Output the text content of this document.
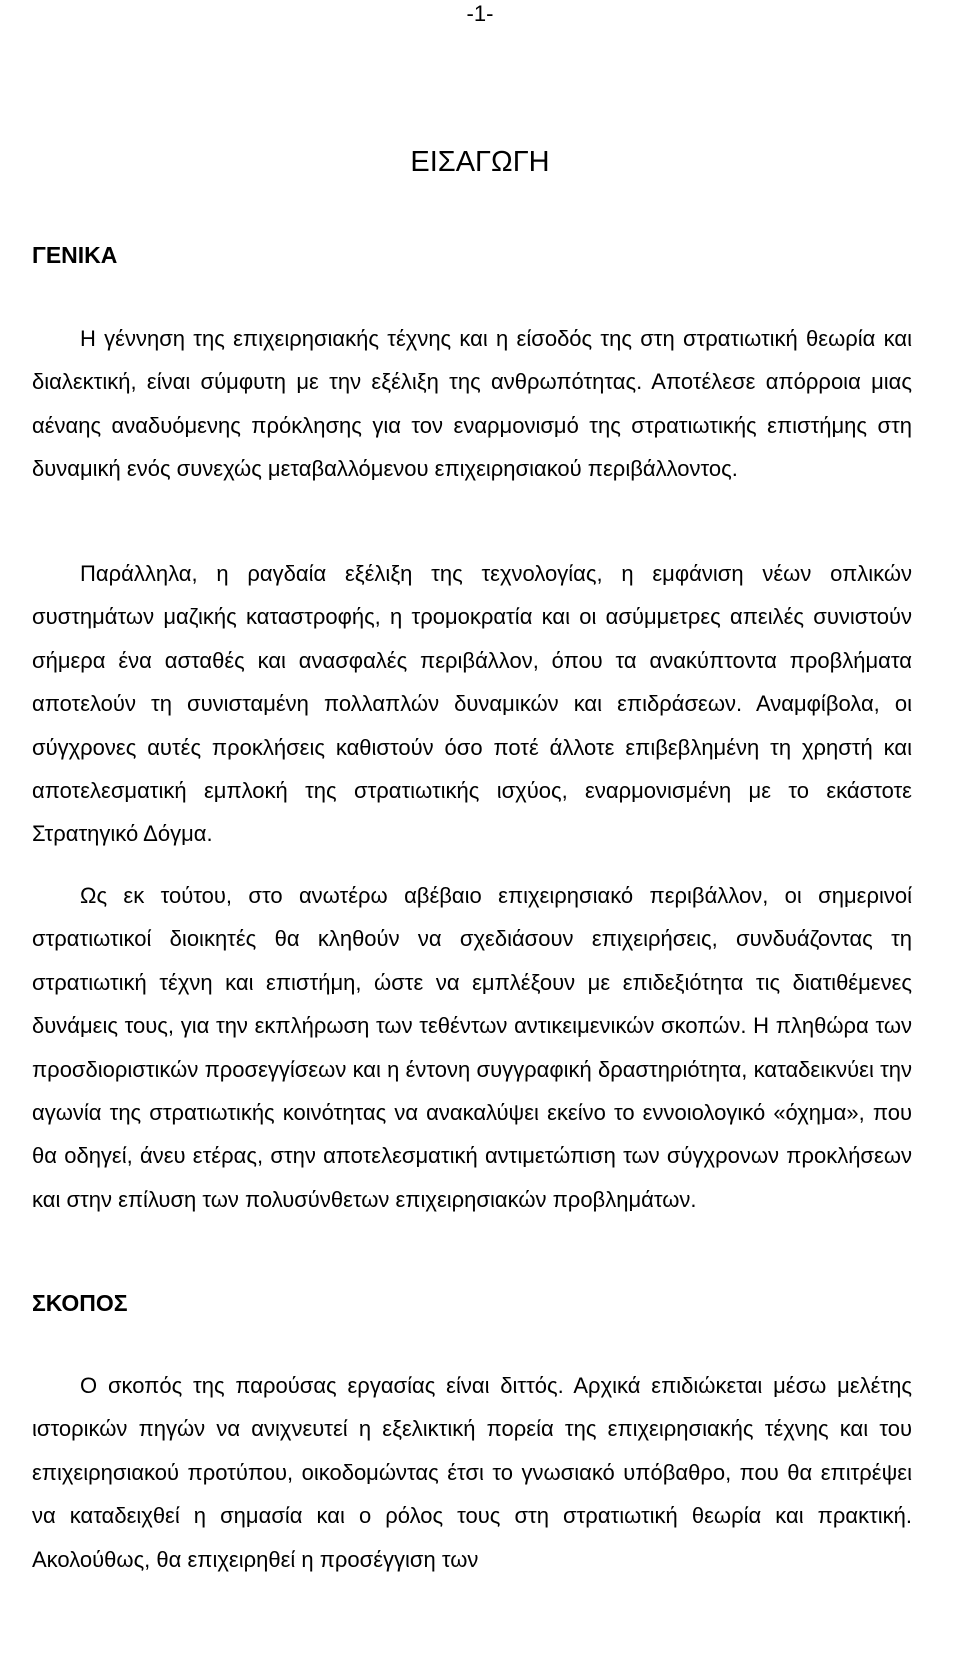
-1-
ΕΙΣΑΓΩΓΗ
ΓΕΝΙΚΑ

Η γέννηση της επιχειρησιακής τέχνης και η είσοδός της στη στρατιωτική θεωρία και διαλεκτική, είναι σύμφυτη με την εξέλιξη της ανθρωπότητας. Αποτέλεσε απόρροια μιας αέναης αναδυόμενης πρόκλησης για τον εναρμονισμό της στρατιωτικής επιστήμης στη δυναμική ενός συνεχώς μεταβαλλόμενου επιχειρησιακού περιβάλλοντος.

Παράλληλα, η ραγδαία εξέλιξη της τεχνολογίας, η εμφάνιση νέων οπλικών συστημάτων μαζικής καταστροφής, η τρομοκρατία και οι ασύμμετρες απειλές συνιστούν σήμερα ένα ασταθές και ανασφαλές περιβάλλον, όπου τα ανακύπτοντα προβλήματα αποτελούν τη συνισταμένη πολλαπλών δυναμικών και επιδράσεων. Αναμφίβολα, οι σύγχρονες αυτές προκλήσεις καθιστούν όσο ποτέ άλλοτε επιβεβλημένη τη χρηστή και αποτελεσματική εμπλοκή της στρατιωτικής ισχύος, εναρμονισμένη με το εκάστοτε Στρατηγικό Δόγμα.

Ως εκ τούτου, στο ανωτέρω αβέβαιο επιχειρησιακό περιβάλλον, οι σημερινοί στρατιωτικοί διοικητές θα κληθούν να σχεδιάσουν επιχειρήσεις, συνδυάζοντας τη στρατιωτική τέχνη και επιστήμη, ώστε να εμπλέξουν με επιδεξιότητα τις διατιθέμενες δυνάμεις τους, για την εκπλήρωση των τεθέντων αντικειμενικών σκοπών. Η πληθώρα των προσδιοριστικών προσεγγίσεων και η έντονη συγγραφική δραστηριότητα, καταδεικνύει την αγωνία της στρατιωτικής κοινότητας να ανακαλύψει εκείνο το εννοιολογικό «όχημα», που θα οδηγεί, άνευ ετέρας, στην αποτελεσματική αντιμετώπιση των σύγχρονων προκλήσεων και στην επίλυση των πολυσύνθετων επιχειρησιακών προβλημάτων.

ΣΚΟΠΟΣ

Ο σκοπός της παρούσας εργασίας είναι διττός. Αρχικά επιδιώκεται μέσω μελέτης ιστορικών πηγών να ανιχνευτεί η εξελικτική πορεία της επιχειρησιακής τέχνης και του επιχειρησιακού προτύπου, οικοδομώντας έτσι το γνωσιακό υπόβαθρο, που θα επιτρέψει να καταδειχθεί η σημασία και ο ρόλος τους στη στρατιωτική θεωρία και πρακτική. Ακολούθως, θα επιχειρηθεί η προσέγγιση των
